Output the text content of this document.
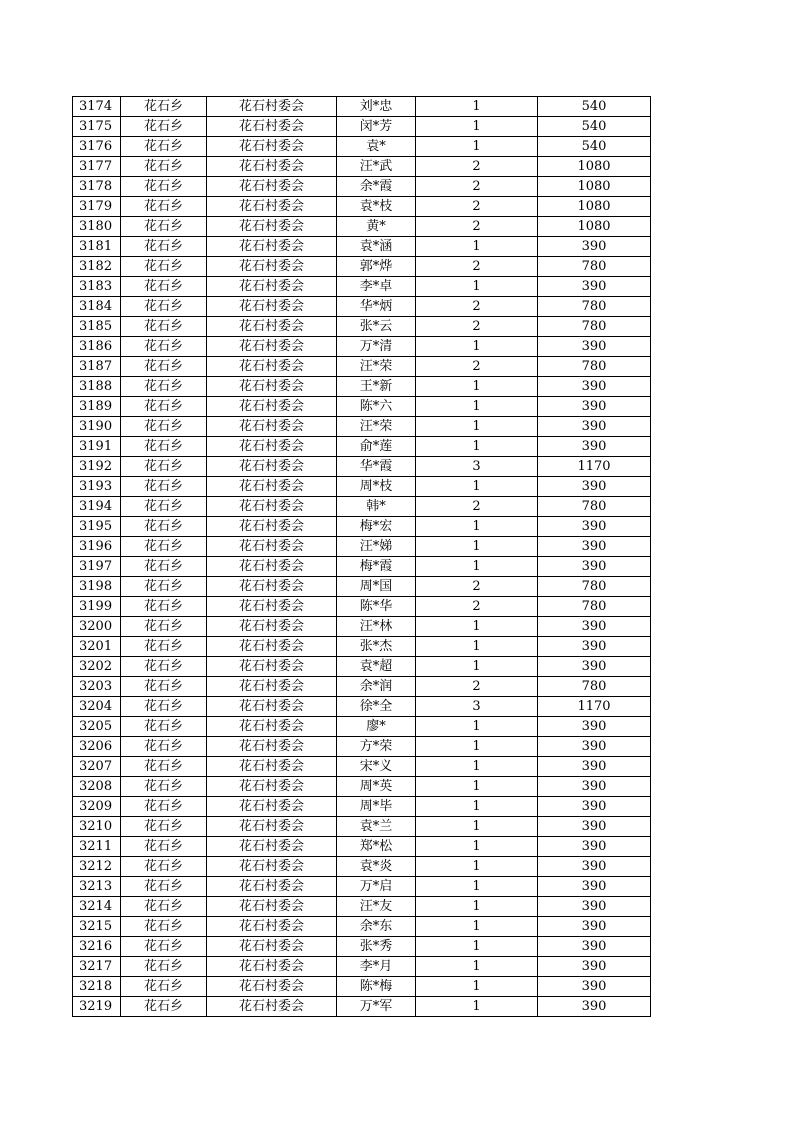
3174	花石乡	花石村委会	刘*忠	1	540
3175	花石乡	花石村委会	闵*芳	1	540
3176	花石乡	花石村委会	袁*	1	540
3177	花石乡	花石村委会	汪*武	2	1080
3178	花石乡	花石村委会	余*霞	2	1080
3179	花石乡	花石村委会	袁*枝	2	1080
3180	花石乡	花石村委会	黄*	2	1080
3181	花石乡	花石村委会	袁*涵	1	390
3182	花石乡	花石村委会	郭*烨	2	780
3183	花石乡	花石村委会	李*卓	1	390
3184	花石乡	花石村委会	华*炳	2	780
3185	花石乡	花石村委会	张*云	2	780
3186	花石乡	花石村委会	万*清	1	390
3187	花石乡	花石村委会	汪*荣	2	780
3188	花石乡	花石村委会	王*新	1	390
3189	花石乡	花石村委会	陈*六	1	390
3190	花石乡	花石村委会	汪*荣	1	390
3191	花石乡	花石村委会	俞*莲	1	390
3192	花石乡	花石村委会	华*霞	3	1170
3193	花石乡	花石村委会	周*枝	1	390
3194	花石乡	花石村委会	韩*	2	780
3195	花石乡	花石村委会	梅*宏	1	390
3196	花石乡	花石村委会	汪*娣	1	390
3197	花石乡	花石村委会	梅*霞	1	390
3198	花石乡	花石村委会	周*国	2	780
3199	花石乡	花石村委会	陈*华	2	780
3200	花石乡	花石村委会	汪*林	1	390
3201	花石乡	花石村委会	张*杰	1	390
3202	花石乡	花石村委会	袁*超	1	390
3203	花石乡	花石村委会	余*润	2	780
3204	花石乡	花石村委会	徐*全	3	1170
3205	花石乡	花石村委会	廖*	1	390
3206	花石乡	花石村委会	方*荣	1	390
3207	花石乡	花石村委会	宋*义	1	390
3208	花石乡	花石村委会	周*英	1	390
3209	花石乡	花石村委会	周*毕	1	390
3210	花石乡	花石村委会	袁*兰	1	390
3211	花石乡	花石村委会	郑*松	1	390
3212	花石乡	花石村委会	袁*炎	1	390
3213	花石乡	花石村委会	万*启	1	390
3214	花石乡	花石村委会	汪*友	1	390
3215	花石乡	花石村委会	余*东	1	390
3216	花石乡	花石村委会	张*秀	1	390
3217	花石乡	花石村委会	李*月	1	390
3218	花石乡	花石村委会	陈*梅	1	390
3219	花石乡	花石村委会	万*军	1	390
